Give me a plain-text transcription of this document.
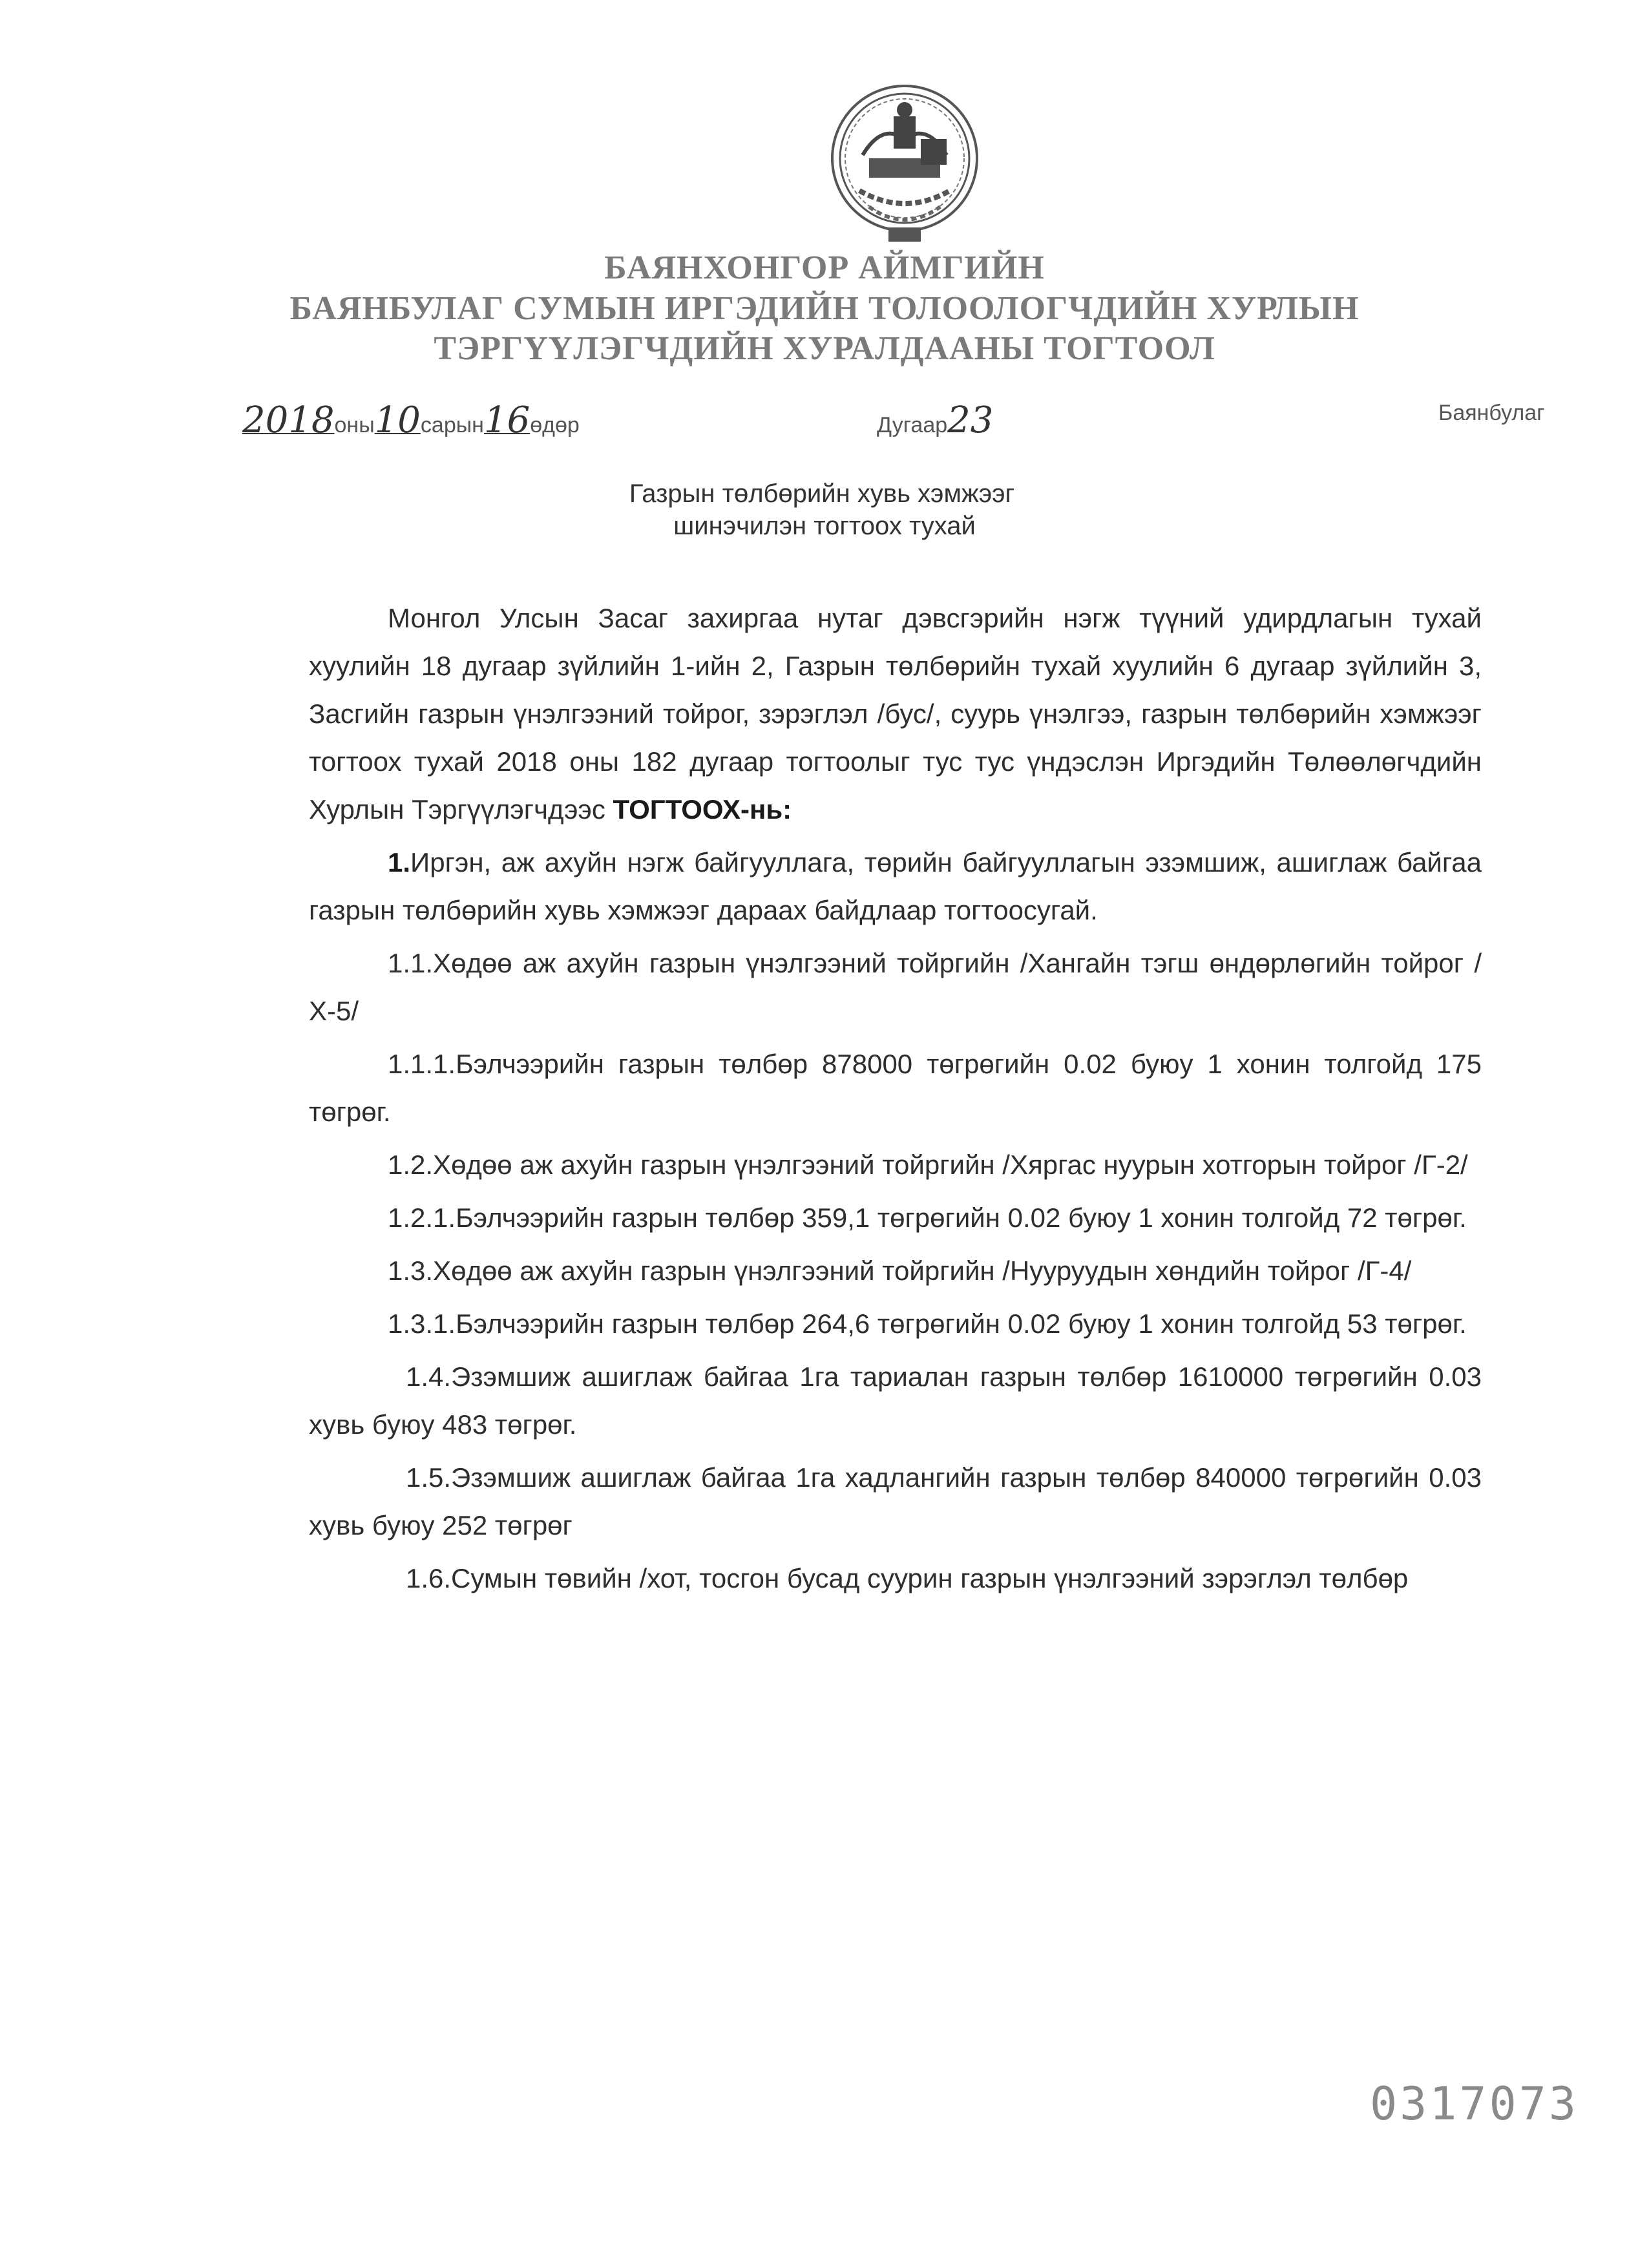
БАЯНХОНГОР АЙМГИЙН
БАЯНБУЛАГ СУМЫН ИРГЭДИЙН ТОЛООЛОГЧДИЙН ХУРЛЫН
ТЭРГҮҮЛЭГЧДИЙН ХУРАЛДААНЫ ТОГТООЛ
2018оны10сарын16өдөр	Дугаар23	Баянбулаг
Газрын төлбөрийн хувь хэмжээг
шинэчилэн тогтоох тухай

Монгол Улсын Засаг захиргаа нутаг дэвсгэрийн нэгж түүний удирдлагын тухай хуулийн 18 дугаар зүйлийн 1-ийн 2, Газрын төлбөрийн тухай хуулийн 6 дугаар зүйлийн 3, Засгийн газрын үнэлгээний тойрог, зэрэглэл /бус/, суурь үнэлгээ, газрын төлбөрийн хэмжээг тогтоох тухай 2018 оны 182 дугаар тогтоолыг тус тус үндэслэн Иргэдийн Төлөөлөгчдийн Хурлын Тэргүүлэгчдээс ТОГТООХ-нь:

1.Иргэн, аж ахуйн нэгж байгууллага, төрийн байгууллагын эзэмшиж, ашиглаж байгаа газрын төлбөрийн хувь хэмжээг дараах байдлаар тогтоосугай.

1.1.Хөдөө аж ахуйн газрын үнэлгээний тойргийн /Хангайн тэгш өндөрлөгийн тойрог /Х-5/

1.1.1.Бэлчээрийн газрын төлбөр 878000 төгрөгийн 0.02 буюу 1 хонин толгойд 175 төгрөг.

1.2.Хөдөө аж ахуйн газрын үнэлгээний тойргийн /Хяргас нуурын хотгорын тойрог /Г-2/

1.2.1.Бэлчээрийн газрын төлбөр 359,1 төгрөгийн 0.02 буюу 1 хонин толгойд 72 төгрөг.

1.3.Хөдөө аж ахуйн газрын үнэлгээний тойргийн /Нууруудын хөндийн тойрог /Г-4/

1.3.1.Бэлчээрийн газрын төлбөр 264,6 төгрөгийн 0.02 буюу 1 хонин толгойд 53 төгрөг.

1.4.Эзэмшиж ашиглаж байгаа 1га тариалан газрын төлбөр 1610000 төгрөгийн 0.03 хувь буюу 483 төгрөг.

1.5.Эзэмшиж ашиглаж байгаа 1га хадлангийн газрын төлбөр 840000 төгрөгийн 0.03 хувь буюу 252 төгрөг

1.6.Сумын төвийн /хот, тосгон бусад суурин газрын үнэлгээний зэрэглэл төлбөр

0317073
